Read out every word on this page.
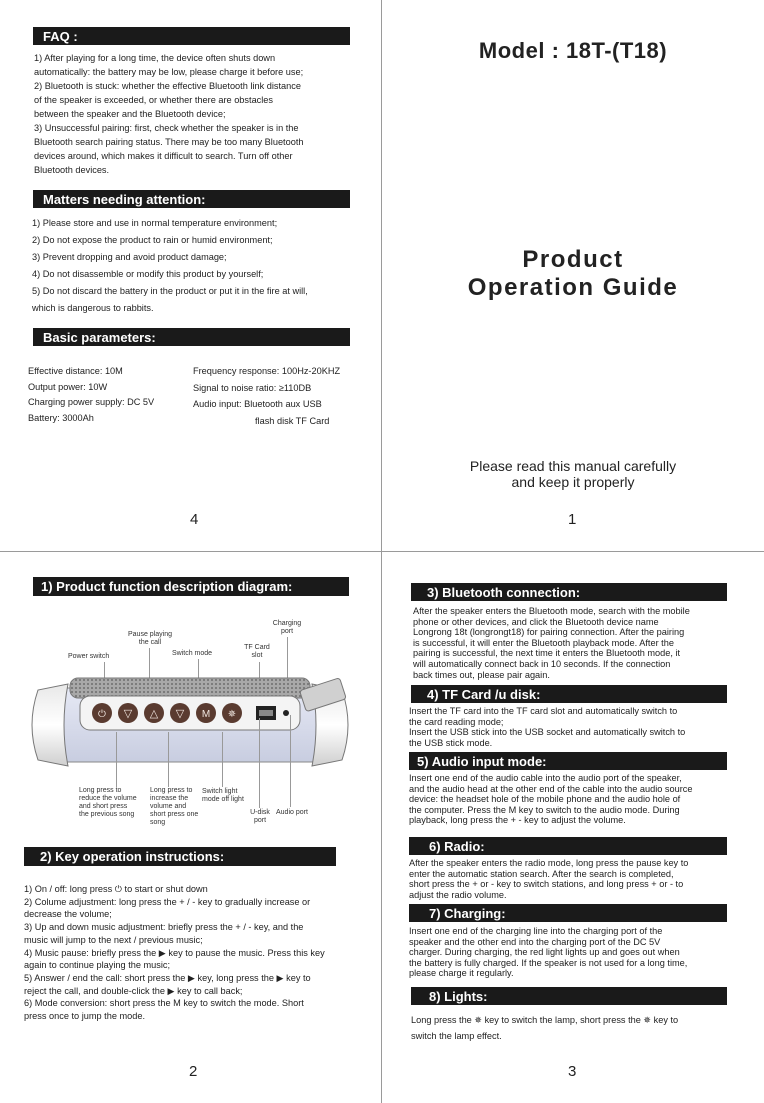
FAQ :
1) After playing for a long time, the device often shuts down
automatically: the battery may be low, please charge it before use;
2) Bluetooth is stuck: whether the effective Bluetooth link distance
of the speaker is exceeded, or whether there are obstacles
between the speaker and the Bluetooth device;
3) Unsuccessful pairing: first, check whether the speaker is in the
Bluetooth search pairing status. There may be too many Bluetooth
devices around, which makes it difficult to search. Turn off other
Bluetooth devices.
Matters needing attention:
1) Please store and use in normal temperature environment;
2) Do not expose the product to rain or humid environment;
3) Prevent dropping and avoid product damage;
4) Do not disassemble or modify this product by yourself;
5) Do not discard the battery in the product or put it in the fire at will,
which is dangerous to rabbits.
Basic parameters:
Effective distance: 10M
Output power: 10W
Charging power supply: DC 5V
Battery: 3000Ah
Frequency response: 100Hz-20KHZ
Signal to noise ratio: ≥110DB
Audio input: Bluetooth aux USB
flash disk TF Card
4
Model : 18T-(T18)
Product
Operation Guide
Please read this manual carefully
and keep it properly
1
1) Product function description diagram:
Power switch
Pause playing
the call
Switch mode
TF Card
slot
Charging
port
⏻ ▽ △ ▽ M ✵
Long press to
reduce the volume
and short press
the previous song
Long press to
increase the
volume and
short press one
song
Switch light
mode off light
U-disk
port
Audio port
2) Key operation instructions:
1) On / off: long press ⏻ to start or shut down
2) Colume adjustment: long press the + / - key to gradually increase or
decrease the volume;
3) Up and down music adjustment: briefly press the + / - key, and the
music will jump to the next / previous music;
4) Music pause: briefly press the ▶ key to pause the music. Press this key
again to continue playing the music;
5) Answer / end the call: short press the ▶ key, long press the ▶ key to
reject the call, and double-click the ▶ key to call back;
6) Mode conversion: short press the M key to switch the mode. Short
press once to jump the mode.
2
3) Bluetooth connection:
After the speaker enters the Bluetooth mode, search with the mobile
phone or other devices, and click the Bluetooth device name
Longrong 18t (longrongt18) for pairing connection. After the pairing
is successful, it will enter the Bluetooth playback mode. After the
pairing is successful, the next time it enters the Bluetooth mode, it
will automatically connect back in 10 seconds. If the connection
back times out, please pair again.
4) TF Card /u disk:
Insert the TF card into the TF card slot and automatically switch to
the card reading mode;
Insert the USB stick into the USB socket and automatically switch to
the USB stick mode.
5) Audio input mode:
Insert one end of the audio cable into the audio port of the speaker,
and the audio head at the other end of the cable into the audio source
device: the headset hole of the mobile phone and the audio hole of
the computer. Press the M key to switch to the audio mode. During
playback, long press the + - key to adjust the volume.
6) Radio:
After the speaker enters the radio mode, long press the pause key to
enter the automatic station search. After the search is completed,
short press the + or - key to switch stations, and long press + or - to
adjust the radio volume.
7) Charging:
Insert one end of the charging line into the charging port of the
speaker and the other end into the charging port of the DC 5V
charger. During charging, the red light lights up and goes out when
the battery is fully charged. If the speaker is not used for a long time,
please charge it regularly.
8) Lights:
Long press the ✵ key to switch the lamp, short press the ✵ key to
switch the lamp effect.
3
